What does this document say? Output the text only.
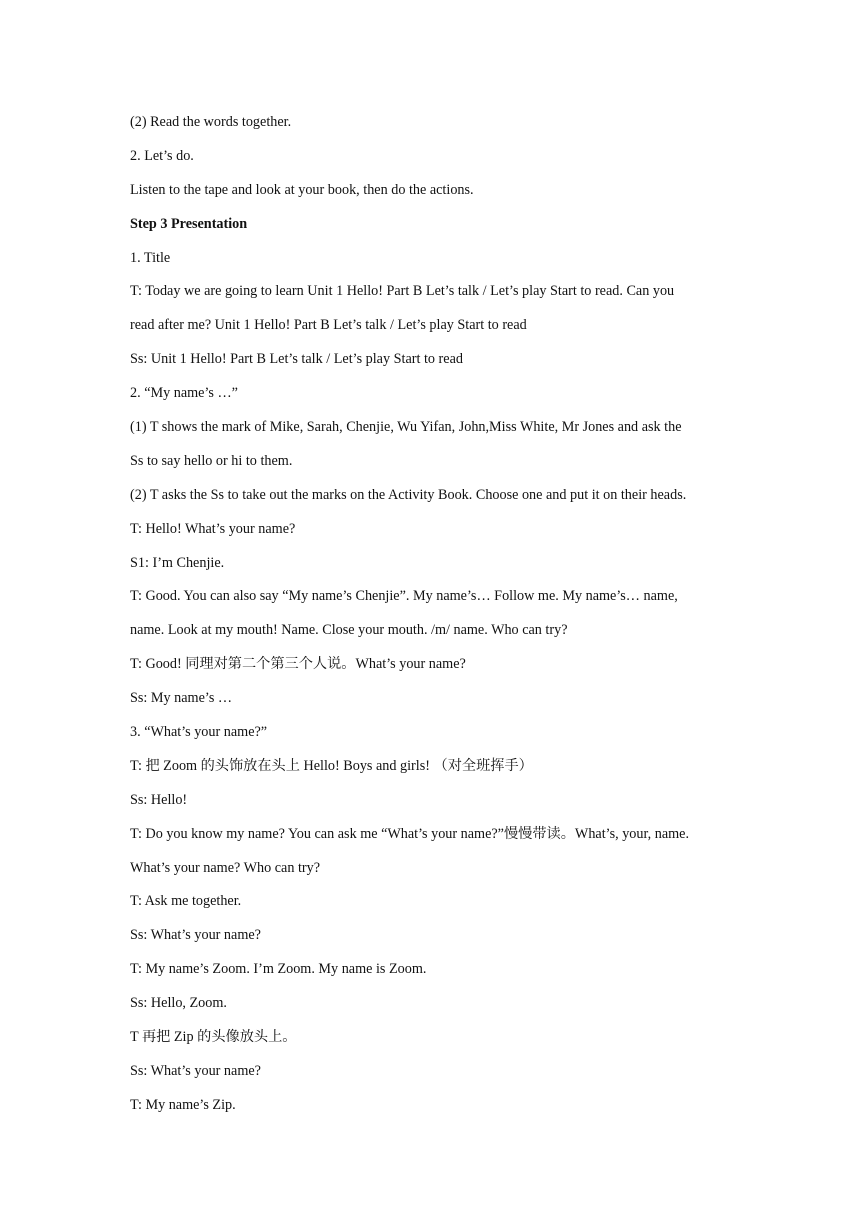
(2) Read the words together.
2. Let’s do.
Listen to the tape and look at your book, then do the actions.
Step 3 Presentation
1. Title
T: Today we are going to learn Unit 1 Hello! Part B Let’s talk / Let’s play Start to read. Can you
read after me? Unit 1 Hello! Part B Let’s talk / Let’s play Start to read
Ss: Unit 1 Hello! Part B Let’s talk / Let’s play Start to read
2. “My name’s …”
(1) T shows the mark of Mike, Sarah, Chenjie, Wu Yifan, John,Miss White, Mr Jones and ask the
Ss to say hello or hi to them.
(2) T asks the Ss to take out the marks on the Activity Book. Choose one and put it on their heads.
T: Hello! What’s your name?
S1: I’m Chenjie.
T: Good. You can also say “My name’s Chenjie”. My name’s… Follow me. My name’s… name,
name. Look at my mouth! Name. Close your mouth. /m/ name. Who can try?
T: Good! 同理对第二个第三个人说。What’s your name?
Ss: My name’s …
3. “What’s your name?”
T: 把 Zoom 的头饰放在头上 Hello! Boys and girls! （对全班挥手）
Ss: Hello!
T: Do you know my name? You can ask me “What’s your name?”慢慢带读。What’s, your, name.
What’s your name? Who can try?
T: Ask me together.
Ss: What’s your name?
T: My name’s Zoom. I’m Zoom. My name is Zoom.
Ss: Hello, Zoom.
T 再把 Zip 的头像放头上。
Ss: What’s your name?
T: My name’s Zip.
